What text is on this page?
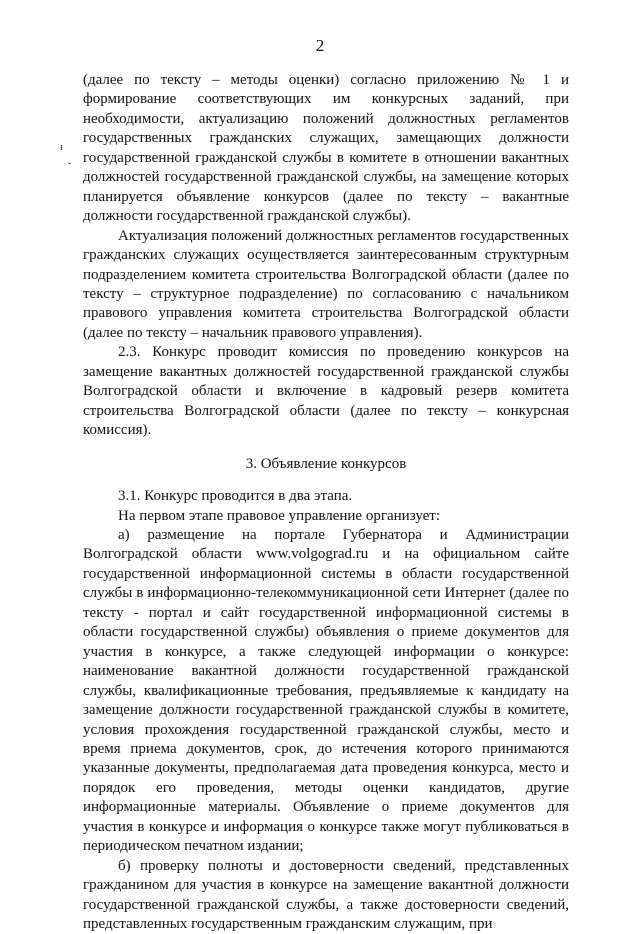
2
ᵻ
ˇ

(далее по тексту – методы оценки) согласно приложению № 1 и формирование соответствующих им конкурсных заданий, при необходимости, актуализацию положений должностных регламентов государственных гражданских служащих, замещающих должности государственной гражданской службы в комитете в отношении вакантных должностей государственной гражданской службы, на замещение которых планируется объявление конкурсов (далее по тексту – вакантные должности государственной гражданской службы).

Актуализация положений должностных регламентов государственных гражданских служащих осуществляется заинтересованным структурным подразделением комитета строительства Волгоградской области (далее по тексту – структурное подразделение) по согласованию с начальником правового управления комитета строительства Волгоградской области (далее по тексту – начальник правового управления).

2.3. Конкурс проводит комиссия по проведению конкурсов на замещение вакантных должностей государственной гражданской службы Волгоградской области и включение в кадровый резерв комитета строительства Волгоградской области (далее по тексту – конкурсная комиссия).

3. Объявление конкурсов

3.1. Конкурс проводится в два этапа.

На первом этапе правовое управление организует:

а) размещение на портале Губернатора и Администрации Волгоградской области www.volgograd.ru и на официальном сайте государственной информационной системы в области государственной службы в информационно-телекоммуникационной сети Интернет (далее по тексту - портал и сайт государственной информационной системы в области государственной службы) объявления о приеме документов для участия в конкурсе, а также следующей информации о конкурсе: наименование вакантной должности государственной гражданской службы, квалификационные требования, предъявляемые к кандидату на замещение должности государственной гражданской службы в комитете, условия прохождения государственной гражданской службы, место и время приема документов, срок, до истечения которого принимаются указанные документы, предполагаемая дата проведения конкурса, место и порядок его проведения, методы оценки кандидатов, другие информационные материалы. Объявление о приеме документов для участия в конкурсе и информация о конкурсе также могут публиковаться в периодическом печатном издании;

б) проверку полноты и достоверности сведений, представленных гражданином для участия в конкурсе на замещение вакантной должности государственной гражданской службы, а также достоверности сведений, представленных государственным гражданским служащим, при
